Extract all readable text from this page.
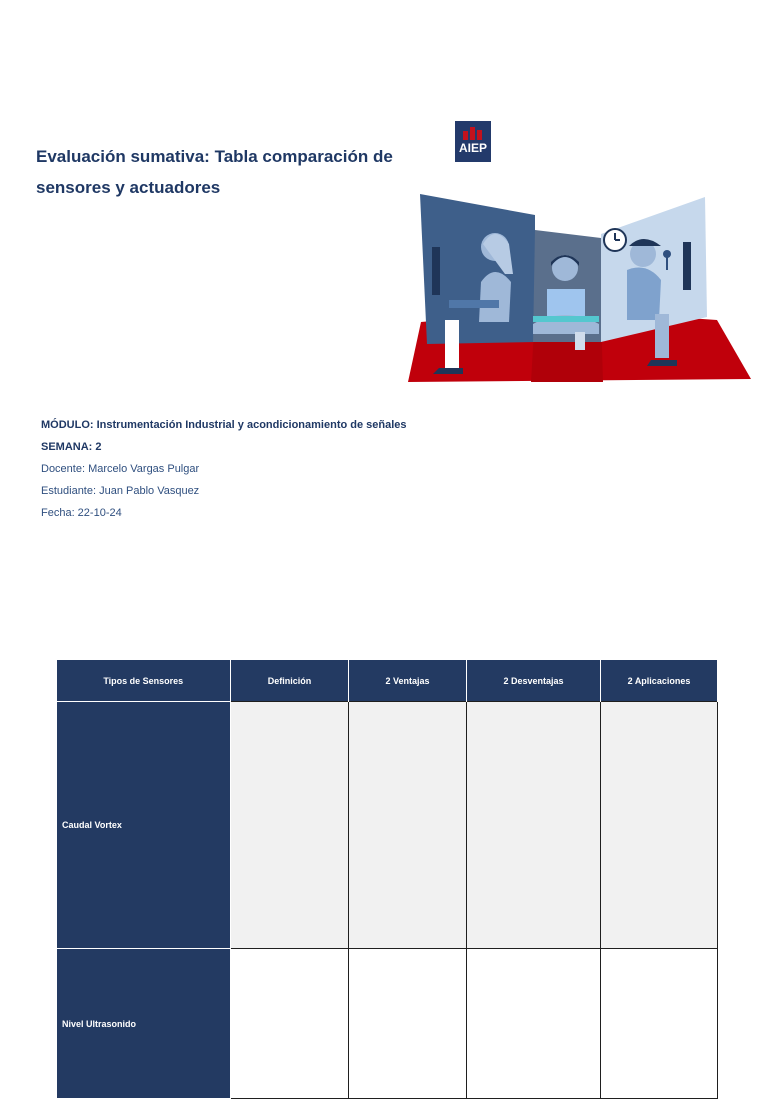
Evaluación sumativa: Tabla comparación de sensores y actuadores
AIEP
MÓDULO: Instrumentación Industrial y acondicionamiento de señales
SEMANA: 2
Docente: Marcelo Vargas Pulgar
Estudiante: Juan Pablo Vasquez
Fecha: 22-10-24
Tipos de Sensores	Definición	2 Ventajas	2 Desventajas	2 Aplicaciones
Caudal Vortex				
Nivel Ultrasonido				
